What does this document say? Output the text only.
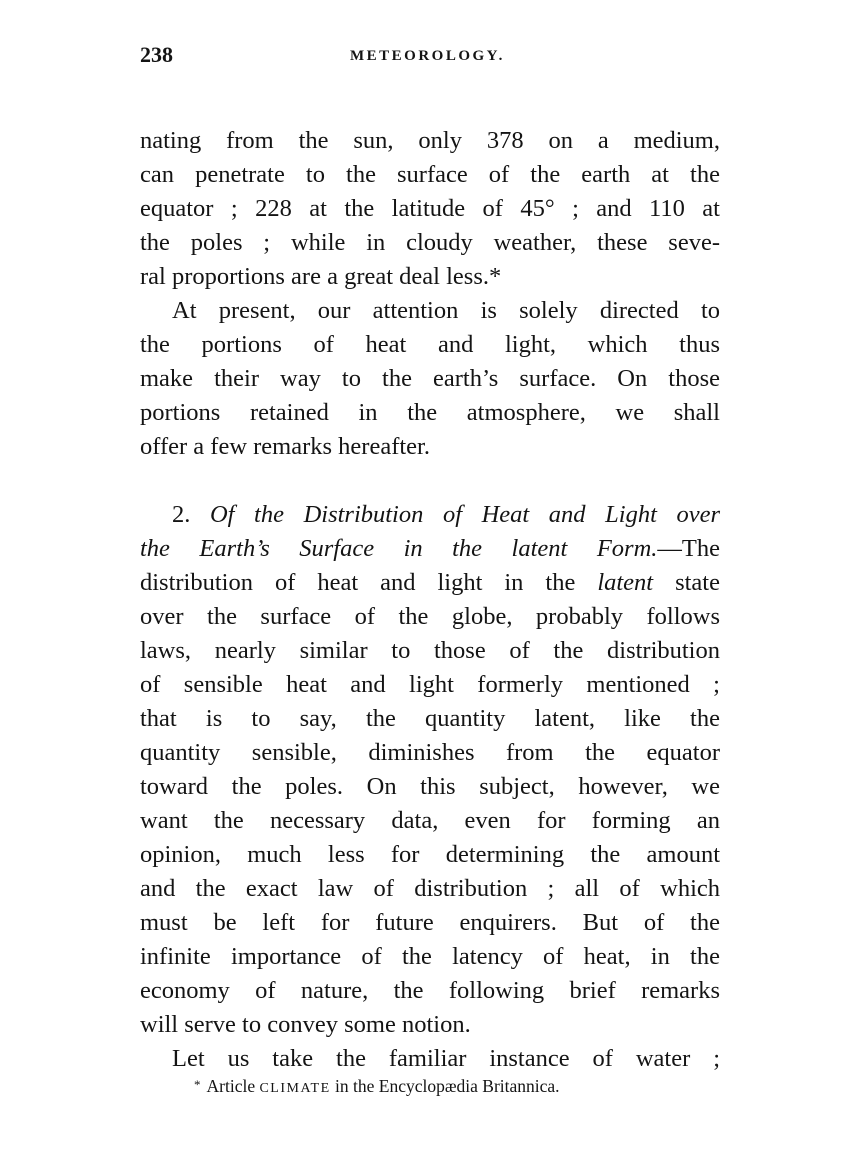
238	METEOROLOGY.
nating from the sun, only 378 on a medium,
can penetrate to the surface of the earth at the
equator ; 228 at the latitude of 45° ; and 110 at
the poles ; while in cloudy weather, these seve-
ral proportions are a great deal less.*
At present, our attention is solely directed to
the portions of heat and light, which thus
make their way to the earth’s surface. On those
portions retained in the atmosphere, we shall
offer a few remarks hereafter.
2. Of the Distribution of Heat and Light over
the Earth’s Surface in the latent Form.—The
distribution of heat and light in the latent state
over the surface of the globe, probably follows
laws, nearly similar to those of the distribution
of sensible heat and light formerly mentioned ;
that is to say, the quantity latent, like the
quantity sensible, diminishes from the equator
toward the poles. On this subject, however, we
want the necessary data, even for forming an
opinion, much less for determining the amount
and the exact law of distribution ; all of which
must be left for future enquirers. But of the
infinite importance of the latency of heat, in the
economy of nature, the following brief remarks
will serve to convey some notion.
Let us take the familiar instance of water ;
* Article CLIMATE in the Encyclopædia Britannica.
